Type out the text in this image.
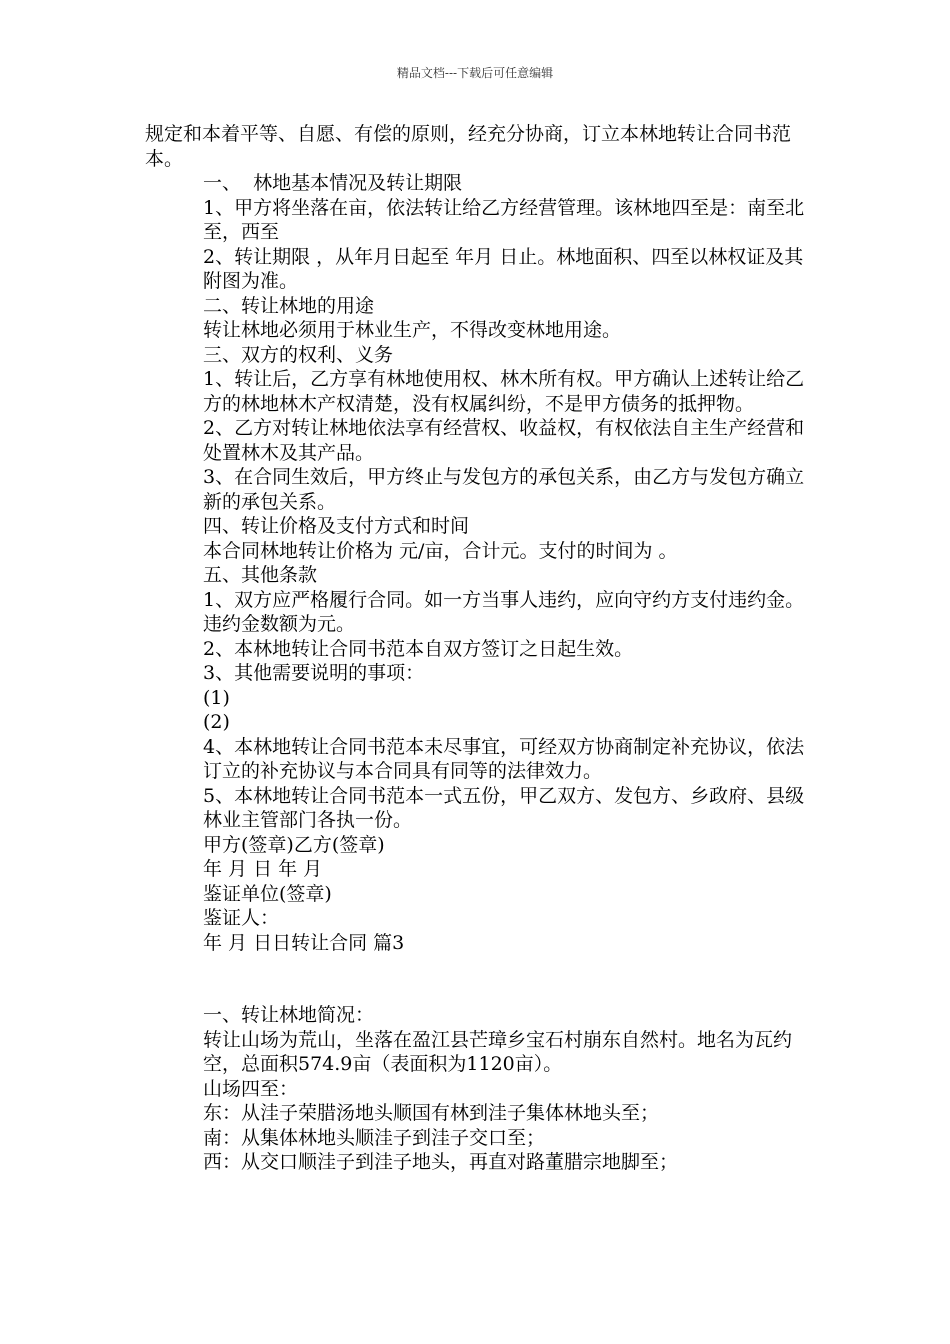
精品文档---下载后可任意编辑

规定和本着平等、自愿、有偿的原则，经充分协商，订立本林地转让合同书范本。

一、  林地基本情况及转让期限

1、甲方将坐落在亩，依法转让给乙方经营管理。该林地四至是：南至北至，西至

2、转让期限 ，从年月日起至 年月 日止。林地面积、四至以林权证及其附图为准。

二、转让林地的用途

转让林地必须用于林业生产，不得改变林地用途。

三、双方的权利、义务

1、转让后，乙方享有林地使用权、林木所有权。甲方确认上述转让给乙方的林地林木产权清楚，没有权属纠纷，不是甲方债务的抵押物。

2、乙方对转让林地依法享有经营权、收益权，有权依法自主生产经营和处置林木及其产品。

3、在合同生效后，甲方终止与发包方的承包关系，由乙方与发包方确立新的承包关系。

四、转让价格及支付方式和时间

本合同林地转让价格为 元/亩，合计元。支付的时间为 。

五、其他条款

1、双方应严格履行合同。如一方当事人违约，应向守约方支付违约金。违约金数额为元。

2、本林地转让合同书范本自双方签订之日起生效。

3、其他需要说明的事项：

(1)

(2)

4、本林地转让合同书范本未尽事宜，可经双方协商制定补充协议，依法订立的补充协议与本合同具有同等的法律效力。

5、本林地转让合同书范本一式五份，甲乙双方、发包方、乡政府、县级林业主管部门各执一份。

甲方(签章)乙方(签章)

年 月 日 年 月

鉴证单位(签章)

鉴证人：

年 月 日日转让合同 篇3

一、转让林地简况：

转让山场为荒山，坐落在盈江县芒璋乡宝石村崩东自然村。地名为瓦约空，总面积574.9亩（表面积为1120亩）。

山场四至：

东：从洼子荣腊汤地头顺国有林到洼子集体林地头至；

南：从集体林地头顺洼子到洼子交口至；

西：从交口顺洼子到洼子地头，再直对路董腊宗地脚至；
